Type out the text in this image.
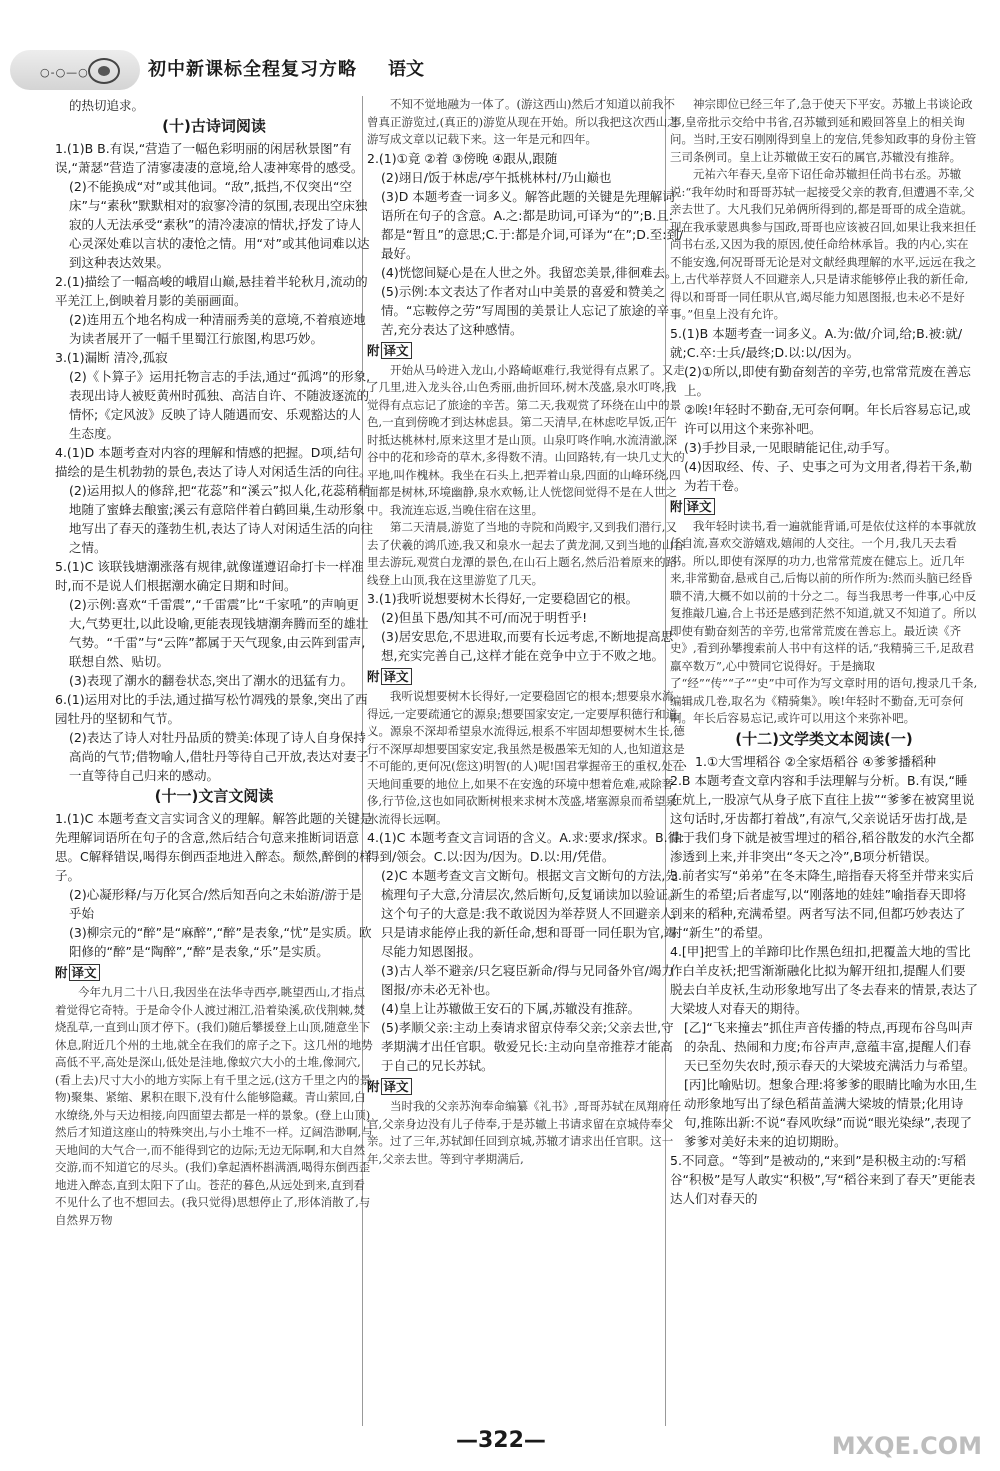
○-○—○	初中新课标全程复习方略 语文

的热切追求。

(十)古诗词阅读

1.(1)B B.有误,“营造了一幅色彩明丽的闲居秋景图”有误,“萧瑟”营造了清寥凄凄的意境,给人凄神寒骨的感受。

(2)不能换成“对”或其他词。“敌”,抵挡,不仅突出“空床”与“素秋”默默相对的寂寥冷清的氛围,表现出空床独寂的人无法承受“素秋”的清冷凄凉的情状,抒发了诗人心灵深处难以言状的凄怆之情。用“对”或其他词难以达到这种表达效果。

2.(1)描绘了一幅高峻的峨眉山巅,悬挂着半轮秋月,流动的平羌江上,倒映着月影的美丽画面。

(2)连用五个地名构成一种清丽秀美的意境,不着痕迹地为读者展开了一幅千里蜀江行旅图,构思巧妙。

3.(1)漏断 清冷,孤寂

(2)《卜算子》运用托物言志的手法,通过“孤鸿”的形象,表现出诗人被贬黄州时孤独、高洁自许、不随波逐流的情怀;《定风波》反映了诗人随遇而安、乐观豁达的人生态度。

4.(1)D 本题考查对内容的理解和情感的把握。D项,结句描绘的是生机勃勃的景色,表达了诗人对闲适生活的向往。

(2)运用拟人的修辞,把“花蕊”和“溪云”拟人化,花蕊稍稍地随了蜜蜂去酿蜜;溪云有意陪伴着白鹤回巢,生动形象地写出了春天的蓬勃生机,表达了诗人对闲适生活的向往之情。

5.(1)C 该联钱塘潮涨落有规律,就像谨遵诏命打卡一样准时,而不是说人们根据潮水确定日期和时间。

(2)示例:喜欢“千雷震”,“千雷震”比“千家吼”的声响更大,气势更壮,以此设喻,更能表现钱塘潮奔腾而至的雄壮气势。“千雷”与“云阵”都属于天气现象,由云阵到雷声,联想自然、贴切。

(3)表现了潮水的翻卷状态,突出了潮水的迅猛有力。

6.(1)运用对比的手法,通过描写松竹凋残的景象,突出了西园牡丹的坚韧和气节。

(2)表达了诗人对牡丹品质的赞美:体现了诗人自身保持高尚的气节;借物喻人,借牡丹等待自己开放,表达对妻子一直等待自己归来的感动。

(十一)文言文阅读

1.(1)C 本题考查文言实词含义的理解。解答此题的关键是先理解词语所在句子的含意,然后结合句意来推断词语意思。C解释错误,喝得东倒西歪地进入醉态。颓然,醉倒的样子。

(2)心凝形释/与万化冥合/然后知吾向之未始游/游于是乎始

(3)柳宗元的“醉”是“麻醉”,“醉”是表象,“忧”是实质。欧阳修的“醉”是“陶醉”,“醉”是表象,“乐”是实质。

附 译文

今年九月二十八日,我因坐在法华寺西亭,眺望西山,才指点着觉得它奇特。于是命令仆人渡过湘江,沿着染溪,砍伐荆棘,焚烧乱草,一直到山顶才停下。(我们)随后攀援登上山顶,随意坐下休息,附近几个州的土地,就全在我们的席子之下。这几州的地势高低不平,高处是深山,低处是洼地,像蚁穴大小的土堆,像洞穴,(看上去)尺寸大小的地方实际上有千里之远,(这方千里之内的景物)聚集、紧缩、累积在眼下,没有什么能够隐藏。青山萦回,白水缭绕,外与天边相接,向四面望去都是一样的景象。(登上山顶)然后才知道这座山的特殊突出,与小土堆不一样。辽阔浩渺啊,与天地间的大气合一,而不能得到它的边际;无边无际啊,和大自然交游,而不知道它的尽头。(我们)拿起酒杯斟满酒,喝得东倒西歪地进入醉态,直到太阳下了山。苍茫的暮色,从远处到来,直到看不见什么了也不想回去。(我只觉得)思想停止了,形体消散了,与自然界万物

不知不觉地融为一体了。(游这西山)然后才知道以前我不曾真正游览过,(真正的)游览从现在开始。所以我把这次西山之游写成文章以记载下来。这一年是元和四年。

2.(1)①竟 ②着 ③傍晚 ④跟从,跟随

(2)翊日/饭于林虑/亭午抵桃林村/乃山巅也

(3)D 本题考查一词多义。解答此题的关键是先理解词语所在句子的含意。A.之:都是助词,可译为“的”;B.且:都是“暂且”的意思;C.于:都是介词,可译为“在”;D.至:到/最好。

(4)恍惚间疑心是在人世之外。我留恋美景,徘徊难去。

(5)示例:本文表达了作者对山中美景的喜爱和赞美之情。“忘鞍停之劳”写周围的美景让人忘记了旅途的辛苦,充分表达了这种感情。

附 译文

开始从马岭进入龙山,小路崎岖难行,我觉得有点累了。又走了几里,进入龙头谷,山色秀丽,曲折回环,树木茂盛,泉水叮咚,我觉得有点忘记了旅途的辛苦。第二天,我观赏了环绕在山中的景色,一直到傍晚才到达林虑县。第二天清早,在林虑吃早饭,正午时抵达桃林村,原来这里才是山顶。山泉叮咚作响,水流清澈,深谷中的花和珍奇的草木,多得数不清。山回路转,有一块几丈大的平地,叫作槐林。我坐在石头上,把弄着山泉,四面的山峰环绕,四面都是树林,环境幽静,泉水欢畅,让人恍惚间觉得不是在人世之中。我流连忘返,当晚住宿在这里。

第二天清晨,游览了当地的寺院和尚殿宇,又到我们潜行,又去了伏羲的鸿爪迹,我又和泉水一起去了黄龙洞,又到当地的山谷里去游玩,观赏白龙潭的景色,在山石上题名,然后沿着原来的路线登上山顶,我在这里游览了几天。

3.(1)我听说想要树木长得好,一定要稳固它的根。

(2)但虽下愚/知其不可/而况于明哲乎!

(3)居安思危,不思进取,而要有长远考虑,不断地提高思想,充实完善自己,这样才能在竞争中立于不败之地。

附 译文

我听说想要树木长得好,一定要稳固它的根本;想要泉水流得远,一定要疏通它的源泉;想要国家安定,一定要厚积德行和道义。源泉不深却希望泉水流得远,根系不牢固却想要树木生长,德行不深厚却想要国家安定,我虽然是极愚笨无知的人,也知道这是不可能的,更何况(您这)明智(的人)呢!国君掌握帝王的重权,处在天地间重要的地位上,如果不在安逸的环境中想着危难,戒除奢侈,行节俭,这也如同砍断树根来求树木茂盛,堵塞源泉而希望泉水流得长远啊。

4.(1)C 本题考查文言词语的含义。A.求:要求/探求。B.得:得到/领会。C.以:因为/因为。D.以:用/凭借。

(2)C 本题考查文言文断句。根据文言文断句的方法,先梳理句子大意,分清层次,然后断句,反复诵读加以验证。这个句子的大意是:我不敢说因为举荐贤人不回避亲人,只是请求能停止我的新任命,想和哥哥一同任职为官,竭尽能力知恩图报。

(3)古人举不避亲/只乞寝臣新命/得与兄同备外官/竭力图报/亦未必无补也。

(4)皇上让苏辙做王安石的下属,苏辙没有推辞。

(5)孝顺父亲:主动上奏请求留京侍奉父亲;父亲去世,守孝期满才出任官职。敬爱兄长:主动向皇帝推荐才能高于自己的兄长苏轼。

附 译文

当时我的父亲苏洵奉命编纂《礼书》,哥哥苏轼在凤翔府任官,父亲身边没有儿子侍奉,于是苏辙上书请求留在京城侍奉父亲。过了三年,苏轼卸任回到京城,苏辙才请求出任官职。这一年,父亲去世。等到守孝期满后,

神宗即位已经三年了,急于使天下平安。苏辙上书谈论政事,皇帝批示交给中书省,召苏辙到延和殿回答皇上的相关询问。当时,王安石刚刚得到皇上的宠信,凭参知政事的身份主管三司条例司。皇上让苏辙做王安石的属官,苏辙没有推辞。

元祐六年春天,皇帝下诏任命苏辙担任尚书右丞。苏辙说:“我年幼时和哥哥苏轼一起接受父亲的教育,但遭遇不幸,父亲去世了。大凡我们兄弟俩所得到的,都是哥哥的成全造就。现在我承蒙恩典参与国政,哥哥也应该被召回,如果让我来担任尚书右丞,又因为我的原因,使任命给林承旨。我的内心,实在不能安逸,何况哥哥无论是对文献经典理解的水平,远远在我之上,古代举荐贤人不回避亲人,只是请求能够停止我的新任命,得以和哥哥一同任职从官,竭尽能力知恩图报,也未必不是好事。”但皇上没有允许。

5.(1)B 本题考查一词多义。A.为:做/介词,给;B.被:就/就;C.卒:士兵/最终;D.以:以/因为。

(2)①所以,即使有勤奋刻苦的辛劳,也常常荒废在善忘上。

②唉!年轻时不勤奋,无可奈何啊。年长后容易忘记,或许可以用这个来弥补吧。

(3)手抄目录,一见眼睛能记住,动手写。

(4)因取经、传、子、史事之可为文用者,得若干条,勒为若干卷。

附 译文

我年轻时读书,看一遍就能背诵,可是依仗这样的本事就放任自流,喜欢交游嬉戏,嬉闹的人交往。一个月,我几天去看书。所以,即使有深厚的功力,也常常荒废在健忘上。近几年来,非常勤奋,悬戒自己,后悔以前的所作所为:然而头脑已经昏聩不清,大概不如以前的十分之二。每当我思考一件事,心中反复推敲几遍,合上书还是感到茫然不知道,就又不知道了。所以即使有勤奋刻苦的辛劳,也常常荒废在善忘上。最近读《齐史》,看到孙攀搜索前人书中有这样的话,“我精骑三千,足敌君羸卒数万”,心中赞同它说得好。于是摘取了“经”“传”“子”“史”中可作为写文章时用的语句,搜录几千条,编辑成几卷,取名为《精骑集》。唉!年轻时不勤奋,无可奈何啊。年长后容易忘记,或许可以用这个来弥补吧。

(十二)文学类文本阅读(一)

一、1.①大雪埋稻谷 ②全家焐稻谷 ④爹爹播稻种

2.B 本题考查文章内容和手法理解与分析。B.有误,“睡在炕上,一股凉气从身子底下直往上拔”“爹爹在被窝里说这句话时,牙齿都打着战”,有凉气,父亲说话牙齿打战,是由于我们身下就是被雪埋过的稻谷,稻谷散发的水汽全都渗透到上来,并非突出“冬天之冷”,B项分析错误。

3.前者实写“弟弟”在冬末降生,暗指春天将至并带来实后新生的希望;后者虚写,以“刚落地的娃娃”喻指春天即将到来的稻种,充满希望。两者写法不同,但都巧妙表达了对“新生”的希望。

4.[甲]把雪上的羊蹄印比作黑色纽扣,把覆盖大地的雪比作白羊皮袄;把雪渐渐融化比拟为解开纽扣,提醒人们要脱去白羊皮袄,生动形象地写出了冬去春来的情景,表达了大梁坡人对春天的期待。

[乙]“飞来撞去”抓住声音传播的特点,再现布谷鸟叫声的杂乱、热闹和力度;布谷声声,意蕴丰富,提醒人们春天已至勿失农时,预示春天的大梁坡充满活力与希望。

[丙]比喻贴切。想象合理:将爹爹的眼睛比喻为水田,生动形象地写出了绿色稻苗盖满大梁坡的情景;化用诗句,推陈出新:不说“春风吹绿”而说“眼光染绿”,表现了爹爹对美好未来的迫切期盼。

5.不同意。“等到”是被动的,“来到”是积极主动的:写稻谷“积极”是写人敢实“积极”,写“稻谷来到了春天”更能表达人们对春天的

—322—	MXQE.COM
